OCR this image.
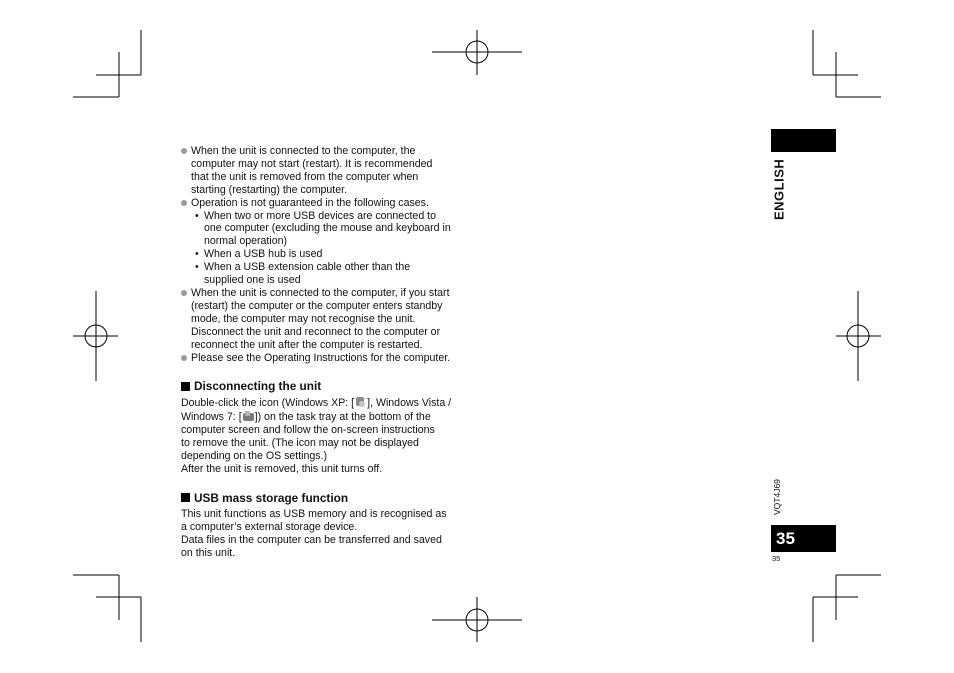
When the unit is connected to the computer, the
computer may not start (restart). It is recommended
that the unit is removed from the computer when
starting (restarting) the computer.
Operation is not guaranteed in the following cases.
• When two or more USB devices are connected to
one computer (excluding the mouse and keyboard in
normal operation)
• When a USB hub is used
• When a USB extension cable other than the
supplied one is used
When the unit is connected to the computer, if you start
(restart) the computer or the computer enters standby
mode, the computer may not recognise the unit.
Disconnect the unit and reconnect to the computer or
reconnect the unit after the computer is restarted.
Please see the Operating Instructions for the computer.
Disconnecting the unit
Double-click the icon (Windows XP: [ ], Windows Vista /
Windows 7: [ ]) on the task tray at the bottom of the
computer screen and follow the on-screen instructions
to remove the unit. (The icon may not be displayed
depending on the OS settings.)
After the unit is removed, this unit turns off.
USB mass storage function
This unit functions as USB memory and is recognised as
a computer’s external storage device.
Data files in the computer can be transferred and saved
on this unit.
ENGLISH
VQT4J69
35
35
